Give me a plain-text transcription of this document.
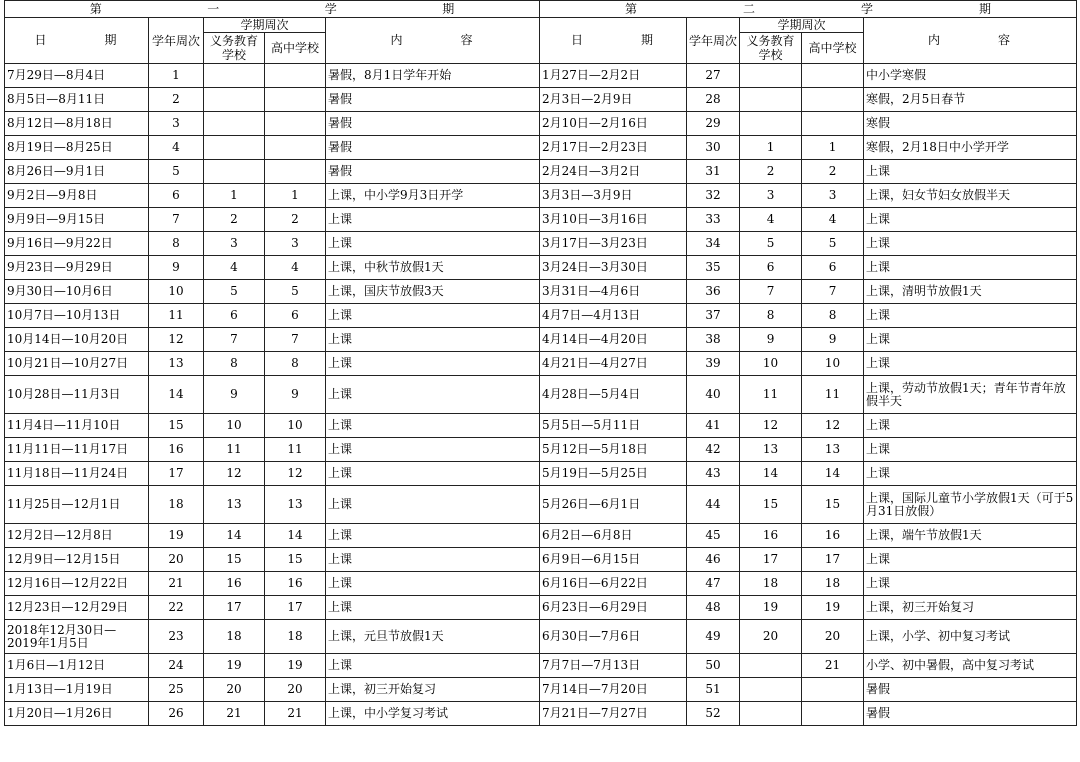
第 一 学 期					第 二 学 期				

日　　　　期	学年周次	学期周次		内　　　　容	日　　　　期	学年周次	学期周次		内　　　　容
		义务教育学校	高中学校				义务教育学校	高中学校	
7月29日—8月4日	1			暑假，8月1日学年开始	1月27日—2月2日	27			中小学寒假
8月5日—8月11日	2			暑假	2月3日—2月9日	28			寒假，2月5日春节
8月12日—8月18日	3			暑假	2月10日—2月16日	29			寒假
8月19日—8月25日	4			暑假	2月17日—2月23日	30	1	1	寒假，2月18日中小学开学
8月26日—9月1日	5			暑假	2月24日—3月2日	31	2	2	上课
9月2日—9月8日	6	1	1	上课，中小学9月3日开学	3月3日—3月9日	32	3	3	上课，妇女节妇女放假半天
9月9日—9月15日	7	2	2	上课	3月10日—3月16日	33	4	4	上课
9月16日—9月22日	8	3	3	上课	3月17日—3月23日	34	5	5	上课
9月23日—9月29日	9	4	4	上课，中秋节放假1天	3月24日—3月30日	35	6	6	上课
9月30日—10月6日	10	5	5	上课，国庆节放假3天	3月31日—4月6日	36	7	7	上课，清明节放假1天
10月7日—10月13日	11	6	6	上课	4月7日—4月13日	37	8	8	上课
10月14日—10月20日	12	7	7	上课	4月14日—4月20日	38	9	9	上课
10月21日—10月27日	13	8	8	上课	4月21日—4月27日	39	10	10	上课
10月28日—11月3日	14	9	9	上课	4月28日—5月4日	40	11	11	上课，劳动节放假1天；青年节青年放假半天
11月4日—11月10日	15	10	10	上课	5月5日—5月11日	41	12	12	上课
11月11日—11月17日	16	11	11	上课	5月12日—5月18日	42	13	13	上课
11月18日—11月24日	17	12	12	上课	5月19日—5月25日	43	14	14	上课
11月25日—12月1日	18	13	13	上课	5月26日—6月1日	44	15	15	上课，国际儿童节小学放假1天（可于5月31日放假）
12月2日—12月8日	19	14	14	上课	6月2日—6月8日	45	16	16	上课，端午节放假1天
12月9日—12月15日	20	15	15	上课	6月9日—6月15日	46	17	17	上课
12月16日—12月22日	21	16	16	上课	6月16日—6月22日	47	18	18	上课
12月23日—12月29日	22	17	17	上课	6月23日—6月29日	48	19	19	上课，初三开始复习
2018年12月30日—2019年1月5日	23	18	18	上课，元旦节放假1天	6月30日—7月6日	49	20	20	上课，小学、初中复习考试
1月6日—1月12日	24	19	19	上课	7月7日—7月13日	50		21	小学、初中暑假，高中复习考试
1月13日—1月19日	25	20	20	上课，初三开始复习	7月14日—7月20日	51			暑假
1月20日—1月26日	26	21	21	上课，中小学复习考试	7月21日—7月27日	52			暑假
